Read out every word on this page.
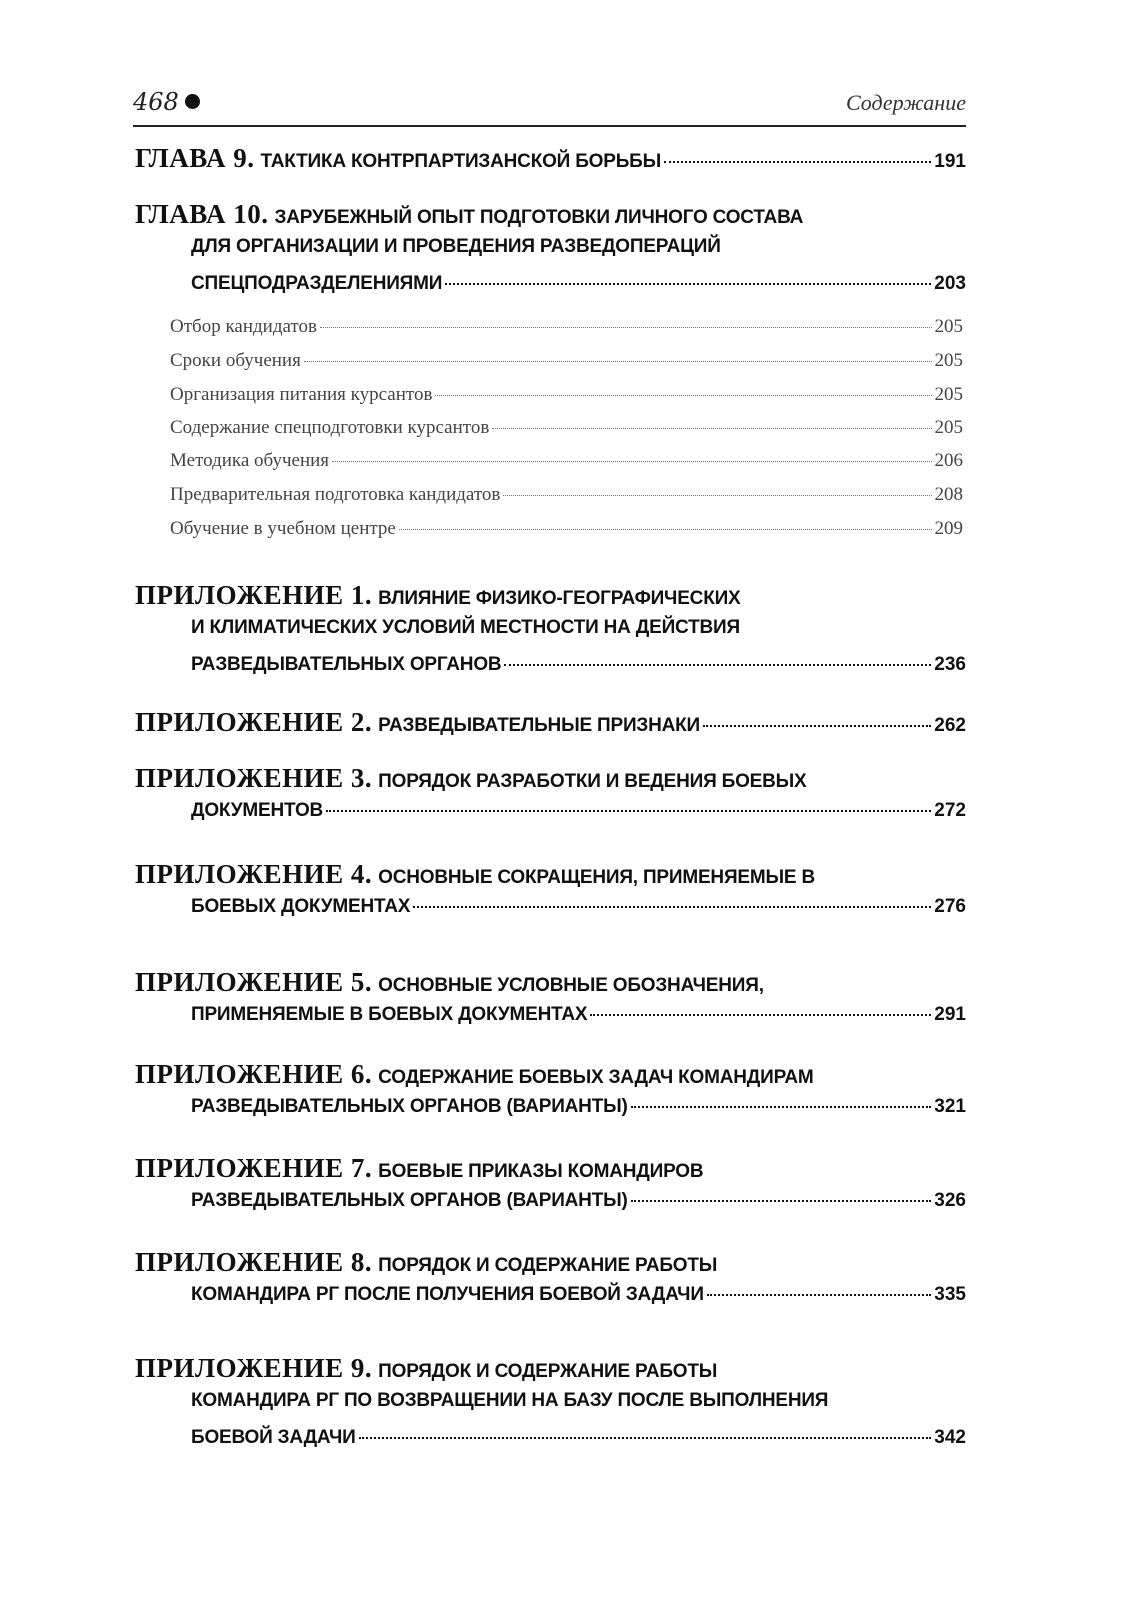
468	Содержание
ГЛАВА 9. ТАКТИКА КОНТРПАРТИЗАНСКОЙ БОРЬБЫ	191
ГЛАВА 10. ЗАРУБЕЖНЫЙ ОПЫТ ПОДГОТОВКИ ЛИЧНОГО СОСТАВА
ДЛЯ ОРГАНИЗАЦИИ И ПРОВЕДЕНИЯ РАЗВЕДОПЕРАЦИЙ
СПЕЦПОДРАЗДЕЛЕНИЯМИ	203
Отбор кандидатов	205
Сроки обучения	205
Организация питания курсантов	205
Содержание спецподготовки курсантов	205
Методика обучения	206
Предварительная подготовка кандидатов	208
Обучение в учебном центре	209
ПРИЛОЖЕНИЕ 1. ВЛИЯНИЕ ФИЗИКО-ГЕОГРАФИЧЕСКИХ
И КЛИМАТИЧЕСКИХ УСЛОВИЙ МЕСТНОСТИ НА ДЕЙСТВИЯ
РАЗВЕДЫВАТЕЛЬНЫХ ОРГАНОВ	236
ПРИЛОЖЕНИЕ 2. РАЗВЕДЫВАТЕЛЬНЫЕ ПРИЗНАКИ	262
ПРИЛОЖЕНИЕ 3. ПОРЯДОК РАЗРАБОТКИ И ВЕДЕНИЯ БОЕВЫХ
ДОКУМЕНТОВ	272
ПРИЛОЖЕНИЕ 4. ОСНОВНЫЕ СОКРАЩЕНИЯ, ПРИМЕНЯЕМЫЕ В
БОЕВЫХ ДОКУМЕНТАХ	276
ПРИЛОЖЕНИЕ 5. ОСНОВНЫЕ УСЛОВНЫЕ ОБОЗНАЧЕНИЯ,
ПРИМЕНЯЕМЫЕ В БОЕВЫХ ДОКУМЕНТАХ	291
ПРИЛОЖЕНИЕ 6. СОДЕРЖАНИЕ БОЕВЫХ ЗАДАЧ КОМАНДИРАМ
РАЗВЕДЫВАТЕЛЬНЫХ ОРГАНОВ (ВАРИАНТЫ)	321
ПРИЛОЖЕНИЕ 7. БОЕВЫЕ ПРИКАЗЫ КОМАНДИРОВ
РАЗВЕДЫВАТЕЛЬНЫХ ОРГАНОВ (ВАРИАНТЫ)	326
ПРИЛОЖЕНИЕ 8. ПОРЯДОК И СОДЕРЖАНИЕ РАБОТЫ
КОМАНДИРА РГ ПОСЛЕ ПОЛУЧЕНИЯ БОЕВОЙ ЗАДАЧИ	335
ПРИЛОЖЕНИЕ 9. ПОРЯДОК И СОДЕРЖАНИЕ РАБОТЫ
КОМАНДИРА РГ ПО ВОЗВРАЩЕНИИ НА БАЗУ ПОСЛЕ ВЫПОЛНЕНИЯ
БОЕВОЙ ЗАДАЧИ	342
